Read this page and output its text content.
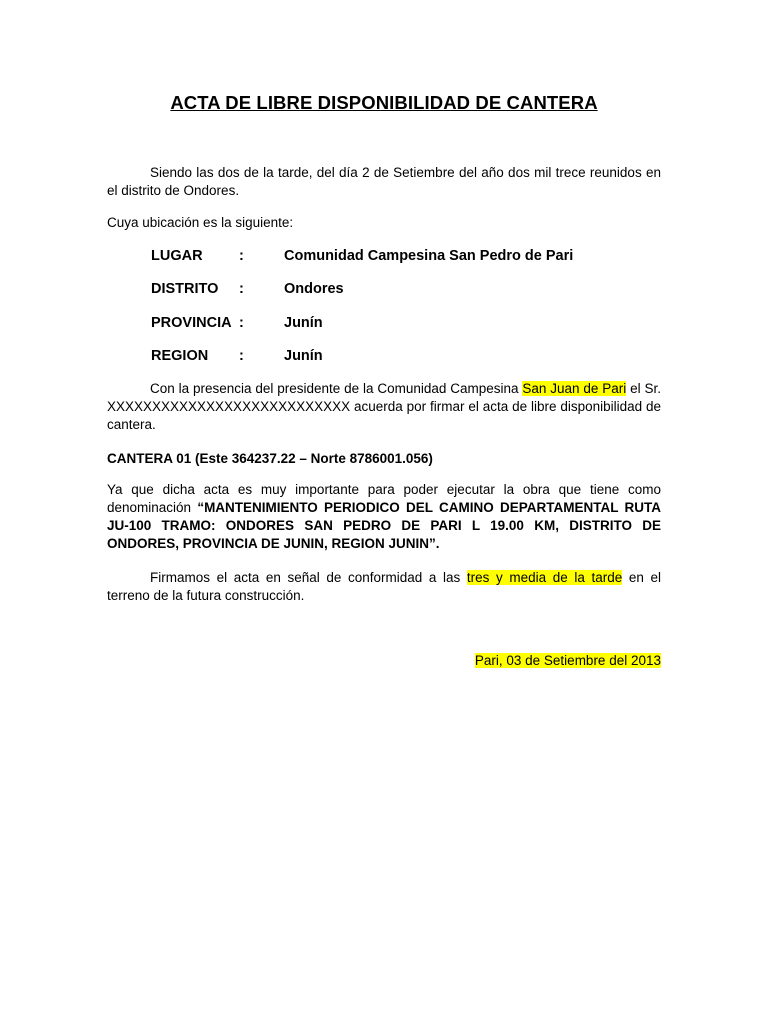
ACTA DE LIBRE DISPONIBILIDAD DE CANTERA

Siendo las dos de la tarde, del día 2 de Setiembre del año dos mil trece reunidos en el distrito de Ondores.

Cuya ubicación es la siguiente:

LUGAR	:	Comunidad Campesina San Pedro de Pari
DISTRITO :	Ondores
PROVINCIA :	Junín
REGION :	Junín

Con la presencia del presidente de la Comunidad Campesina San Juan de Pari el Sr. XXXXXXXXXXXXXXXXXXXXXXXXXXX acuerda por firmar el acta de libre disponibilidad de cantera.

CANTERA 01 (Este 364237.22 – Norte 8786001.056)

Ya que dicha acta es muy importante para poder ejecutar la obra que tiene como denominación “MANTENIMIENTO PERIODICO DEL CAMINO DEPARTAMENTAL RUTA JU-100 TRAMO: ONDORES SAN PEDRO DE PARI L 19.00 KM, DISTRITO DE ONDORES, PROVINCIA DE JUNIN, REGION JUNIN”.

Firmamos el acta en señal de conformidad a las tres y media de la tarde en el terreno de la futura construcción.

Pari, 03 de Setiembre del 2013
